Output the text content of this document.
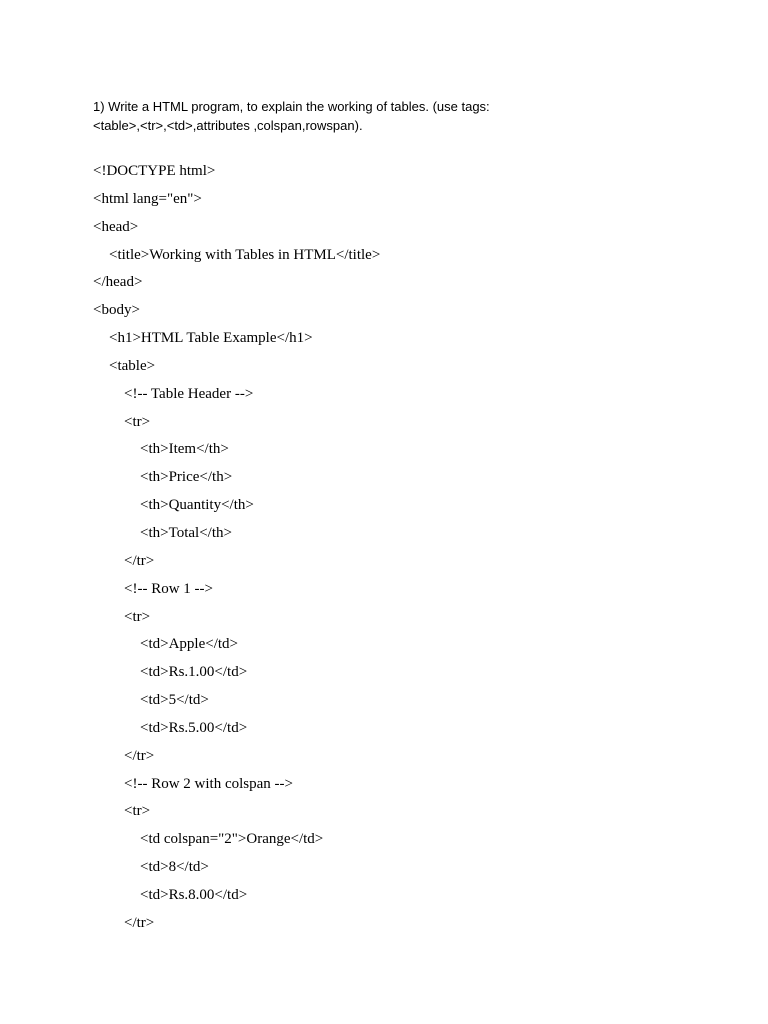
1) Write a HTML program, to explain the working of tables. (use tags:
<table>,<tr>,<td>,attributes ,colspan,rowspan).
<!DOCTYPE html>
<html lang="en">
<head>
<title>Working with Tables in HTML</title>
</head>
<body>
<h1>HTML Table Example</h1>
<table>
<!-- Table Header -->
<tr>
<th>Item</th>
<th>Price</th>
<th>Quantity</th>
<th>Total</th>
</tr>
<!-- Row 1 -->
<tr>
<td>Apple</td>
<td>Rs.1.00</td>
<td>5</td>
<td>Rs.5.00</td>
</tr>
<!-- Row 2 with colspan -->
<tr>
<td colspan="2">Orange</td>
<td>8</td>
<td>Rs.8.00</td>
</tr>
